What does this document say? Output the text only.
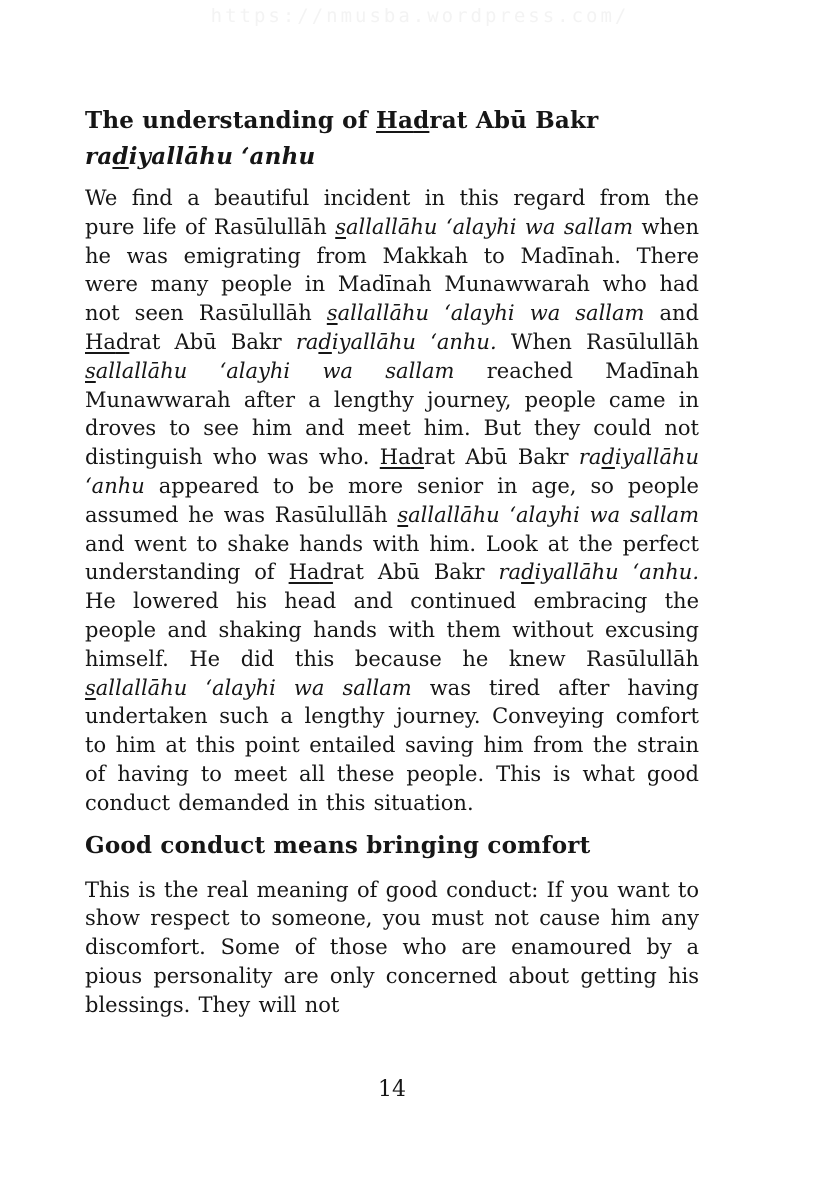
https://nmusba.wordpress.com/
The understanding of Hadrat Abū Bakr
radiyallāhu ‘anhu

We find a beautiful incident in this regard from the pure life of Rasūlullāh sallallāhu ‘alayhi wa sallam when he was emigrating from Makkah to Madīnah. There were many people in Madīnah Munawwarah who had not seen Rasūlullāh sallallāhu ‘alayhi wa sallam and Hadrat Abū Bakr radiyallāhu ‘anhu. When Rasūlullāh sallallāhu ‘alayhi wa sallam reached Madīnah Munawwarah after a lengthy journey, people came in droves to see him and meet him. But they could not distinguish who was who. Hadrat Abū Bakr radiyallāhu ‘anhu appeared to be more senior in age, so people assumed he was Rasūlullāh sallallāhu ‘alayhi wa sallam and went to shake hands with him. Look at the perfect understanding of Hadrat Abū Bakr radiyallāhu ‘anhu. He lowered his head and continued embracing the people and shaking hands with them without excusing himself. He did this because he knew Rasūlullāh sallallāhu ‘alayhi wa sallam was tired after having undertaken such a lengthy journey. Conveying comfort to him at this point entailed saving him from the strain of having to meet all these people. This is what good conduct demanded in this situation.

Good conduct means bringing comfort

This is the real meaning of good conduct: If you want to show respect to someone, you must not cause him any discomfort. Some of those who are enamoured by a pious personality are only concerned about getting his blessings. They will not

14
